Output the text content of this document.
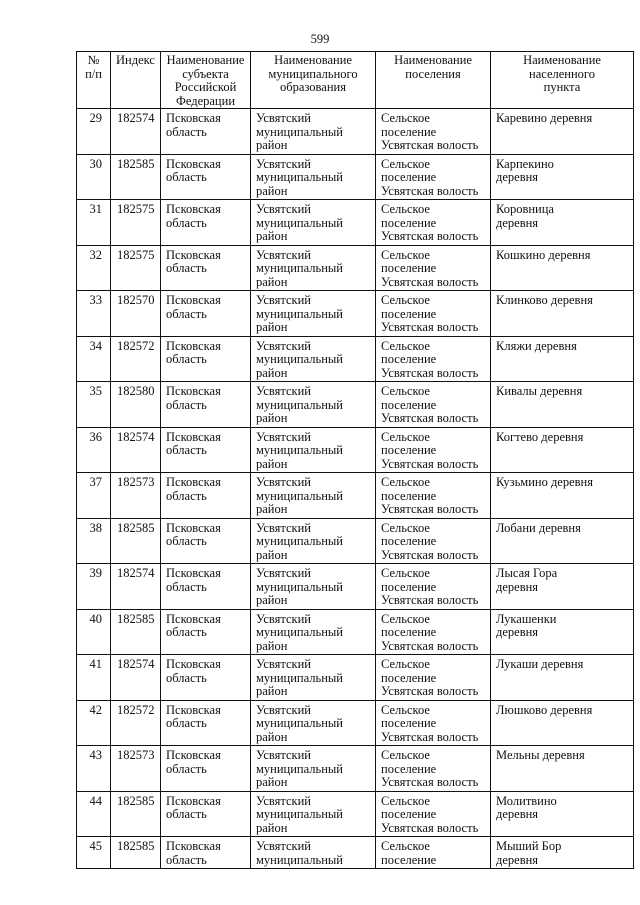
599
№
п/п	Индекс	Наименование
субъекта
Российской
Федерации	Наименование
муниципального
образования	Наименование
поселения	Наименование
населенного
пункта

29	182574	Псковская
область	Усвятский
муниципальный
район	Сельское
поселение
Усвятская волость	Каревино деревня

30	182585	Псковская
область	Усвятский
муниципальный
район	Сельское
поселение
Усвятская волость	Карпекино
деревня

31	182575	Псковская
область	Усвятский
муниципальный
район	Сельское
поселение
Усвятская волость	Коровница
деревня

32	182575	Псковская
область	Усвятский
муниципальный
район	Сельское
поселение
Усвятская волость	Кошкино деревня

33	182570	Псковская
область	Усвятский
муниципальный
район	Сельское
поселение
Усвятская волость	Клинково деревня

34	182572	Псковская
область	Усвятский
муниципальный
район	Сельское
поселение
Усвятская волость	Кляжи деревня

35	182580	Псковская
область	Усвятский
муниципальный
район	Сельское
поселение
Усвятская волость	Кивалы деревня

36	182574	Псковская
область	Усвятский
муниципальный
район	Сельское
поселение
Усвятская волость	Когтево деревня

37	182573	Псковская
область	Усвятский
муниципальный
район	Сельское
поселение
Усвятская волость	Кузьмино деревня

38	182585	Псковская
область	Усвятский
муниципальный
район	Сельское
поселение
Усвятская волость	Лобани деревня

39	182574	Псковская
область	Усвятский
муниципальный
район	Сельское
поселение
Усвятская волость	Лысая Гора
деревня

40	182585	Псковская
область	Усвятский
муниципальный
район	Сельское
поселение
Усвятская волость	Лукашенки
деревня

41	182574	Псковская
область	Усвятский
муниципальный
район	Сельское
поселение
Усвятская волость	Лукаши деревня

42	182572	Псковская
область	Усвятский
муниципальный
район	Сельское
поселение
Усвятская волость	Люшково деревня

43	182573	Псковская
область	Усвятский
муниципальный
район	Сельское
поселение
Усвятская волость	Мельны деревня

44	182585	Псковская
область	Усвятский
муниципальный
район	Сельское
поселение
Усвятская волость	Молитвино
деревня

45	182585	Псковская
область	Усвятский
муниципальный	Сельское
поселение	Мыший Бор
деревня
